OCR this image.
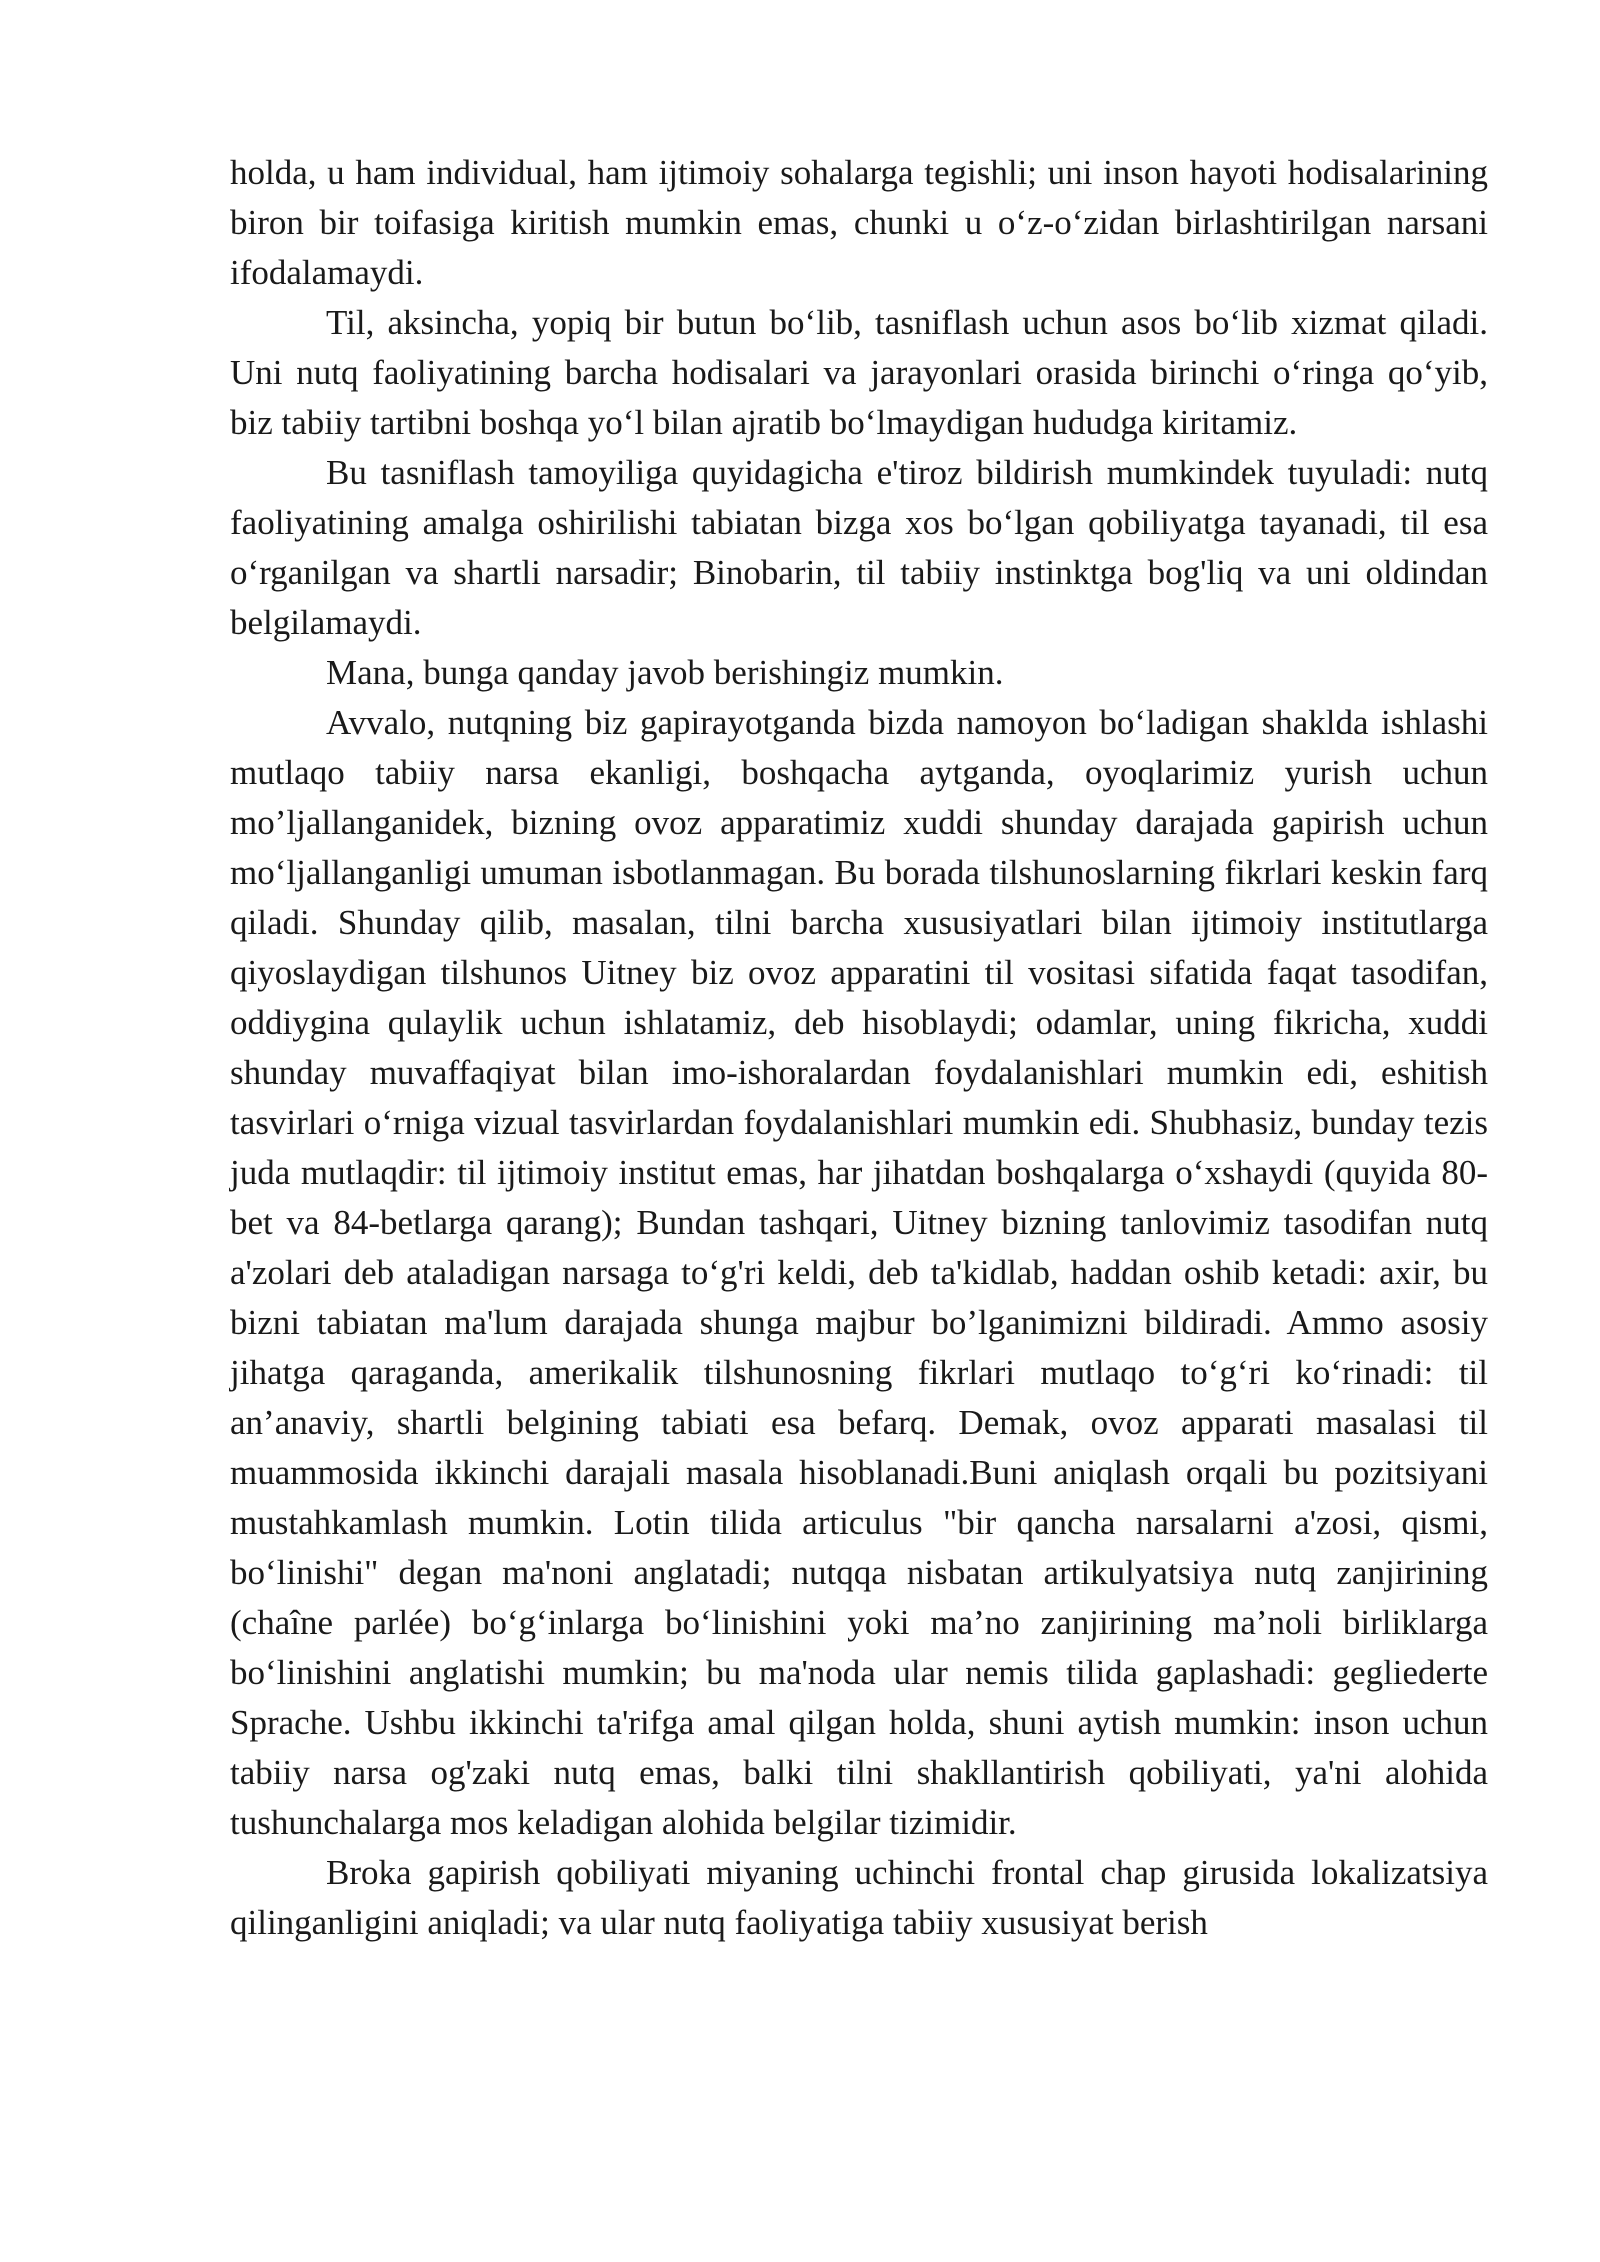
holda, u ham individual, ham ijtimoiy sohalarga tegishli; uni inson hayoti hodisalarining biron bir toifasiga kiritish mumkin emas, chunki u o‘z-o‘zidan birlashtirilgan narsani ifodalamaydi.

Til, aksincha, yopiq bir butun bo‘lib, tasniflash uchun asos bo‘lib xizmat qiladi. Uni nutq faoliyatining barcha hodisalari va jarayonlari orasida birinchi o‘ringa qo‘yib, biz tabiiy tartibni boshqa yo‘l bilan ajratib bo‘lmaydigan hududga kiritamiz.

Bu tasniflash tamoyiliga quyidagicha e'tiroz bildirish mumkindek tuyuladi: nutq faoliyatining amalga oshirilishi tabiatan bizga xos bo‘lgan qobiliyatga tayanadi, til esa o‘rganilgan va shartli narsadir; Binobarin, til tabiiy instinktga bog'liq va uni oldindan belgilamaydi.

Mana, bunga qanday javob berishingiz mumkin.

Avvalo, nutqning biz gapirayotganda bizda namoyon bo‘ladigan shaklda ishlashi mutlaqo tabiiy narsa ekanligi, boshqacha aytganda, oyoqlarimiz yurish uchun mo’ljallanganidek, bizning ovoz apparatimiz xuddi shunday darajada gapirish uchun mo‘ljallanganligi umuman isbotlanmagan. Bu borada tilshunoslarning fikrlari keskin farq qiladi. Shunday qilib, masalan, tilni barcha xususiyatlari bilan ijtimoiy institutlarga qiyoslaydigan tilshunos Uitney biz ovoz apparatini til vositasi sifatida faqat tasodifan, oddiygina qulaylik uchun ishlatamiz, deb hisoblaydi; odamlar, uning fikricha, xuddi shunday muvaffaqiyat bilan imo-ishoralardan foydalanishlari mumkin edi, eshitish tasvirlari o‘rniga vizual tasvirlardan foydalanishlari mumkin edi. Shubhasiz, bunday tezis juda mutlaqdir: til ijtimoiy institut emas, har jihatdan boshqalarga o‘xshaydi (quyida 80-bet va 84-betlarga qarang); Bundan tashqari, Uitney bizning tanlovimiz tasodifan nutq a'zolari deb ataladigan narsaga to‘g'ri keldi, deb ta'kidlab, haddan oshib ketadi: axir, bu bizni tabiatan ma'lum darajada shunga majbur bo’lganimizni bildiradi. Ammo asosiy jihatga qaraganda, amerikalik tilshunosning fikrlari mutlaqo to‘g‘ri ko‘rinadi: til an’anaviy, shartli belgining tabiati esa befarq. Demak, ovoz apparati masalasi til muammosida ikkinchi darajali masala hisoblanadi.Buni aniqlash orqali bu pozitsiyani mustahkamlash mumkin. Lotin tilida articulus "bir qancha narsalarni a'zosi, qismi, bo‘linishi" degan ma'noni anglatadi; nutqqa nisbatan artikulyatsiya nutq zanjirining (chaîne parlée) bo‘g‘inlarga bo‘linishini yoki ma’no zanjirining ma’noli birliklarga bo‘linishini anglatishi mumkin; bu ma'noda ular nemis tilida gaplashadi: gegliederte Sprache. Ushbu ikkinchi ta'rifga amal qilgan holda, shuni aytish mumkin: inson uchun tabiiy narsa og'zaki nutq emas, balki tilni shakllantirish qobiliyati, ya'ni alohida tushunchalarga mos keladigan alohida belgilar tizimidir.

Broka gapirish qobiliyati miyaning uchinchi frontal chap girusida lokalizatsiya qilinganligini aniqladi; va ular nutq faoliyatiga tabiiy xususiyat berish
